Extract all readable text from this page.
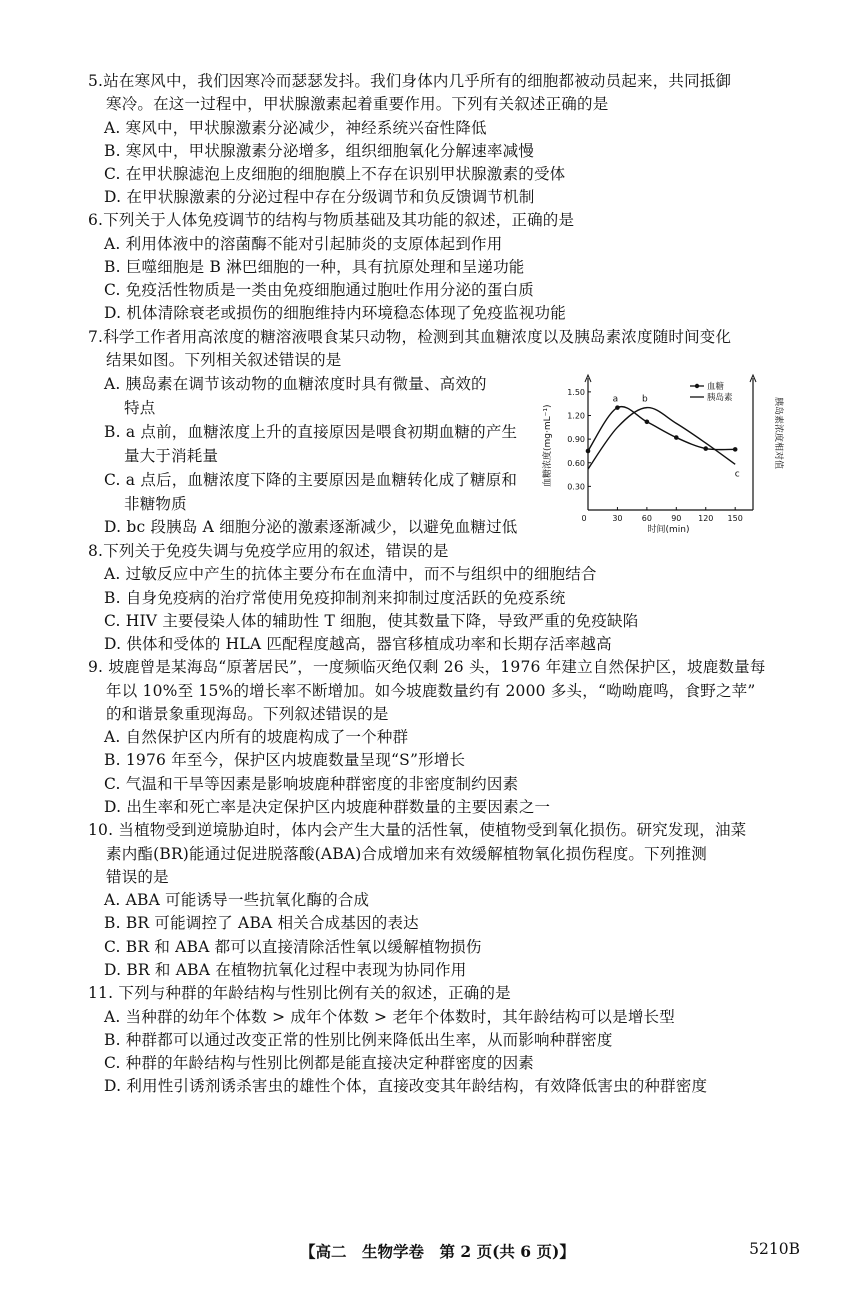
5.站在寒风中，我们因寒冷而瑟瑟发抖。我们身体内几乎所有的细胞都被动员起来，共同抵御
寒冷。在这一过程中，甲状腺激素起着重要作用。下列有关叙述正确的是
A. 寒风中，甲状腺激素分泌减少，神经系统兴奋性降低
B. 寒风中，甲状腺激素分泌增多，组织细胞氧化分解速率减慢
C. 在甲状腺滤泡上皮细胞的细胞膜上不存在识别甲状腺激素的受体
D. 在甲状腺激素的分泌过程中存在分级调节和负反馈调节机制
6.下列关于人体免疫调节的结构与物质基础及其功能的叙述，正确的是
A. 利用体液中的溶菌酶不能对引起肺炎的支原体起到作用
B. 巨噬细胞是 B 淋巴细胞的一种，具有抗原处理和呈递功能
C. 免疫活性物质是一类由免疫细胞通过胞吐作用分泌的蛋白质
D. 机体清除衰老或损伤的细胞维持内环境稳态体现了免疫监视功能
7.科学工作者用高浓度的糖溶液喂食某只动物，检测到其血糖浓度以及胰岛素浓度随时间变化
结果如图。下列相关叙述错误的是
A. 胰岛素在调节该动物的血糖浓度时具有微量、高效的
特点
B. a 点前，血糖浓度上升的直接原因是喂食初期血糖的产生
量大于消耗量
C. a 点后，血糖浓度下降的主要原因是血糖转化成了糖原和
非糖物质
D. bc 段胰岛 A 细胞分泌的激素逐渐减少，以避免血糖过低
0.30
0.60
0.90
1.20
1.50
0	30 60 90 120 150
时间(min)
血糖浓度(mg·mL⁻¹)	胰岛素浓度相对值
血糖
胰岛素
a	b
c
8.下列关于免疫失调与免疫学应用的叙述，错误的是
A. 过敏反应中产生的抗体主要分布在血清中，而不与组织中的细胞结合
B. 自身免疫病的治疗常使用免疫抑制剂来抑制过度活跃的免疫系统
C. HIV 主要侵染人体的辅助性 T 细胞，使其数量下降，导致严重的免疫缺陷
D. 供体和受体的 HLA 匹配程度越高，器官移植成功率和长期存活率越高
9. 坡鹿曾是某海岛“原著居民”，一度频临灭绝仅剩 26 头，1976 年建立自然保护区，坡鹿数量每
年以 10%至 15%的增长率不断增加。如今坡鹿数量约有 2000 多头，“呦呦鹿鸣，食野之苹”
的和谐景象重现海岛。下列叙述错误的是
A. 自然保护区内所有的坡鹿构成了一个种群
B. 1976 年至今，保护区内坡鹿数量呈现“S”形增长
C. 气温和干旱等因素是影响坡鹿种群密度的非密度制约因素
D. 出生率和死亡率是决定保护区内坡鹿种群数量的主要因素之一
10. 当植物受到逆境胁迫时，体内会产生大量的活性氧，使植物受到氧化损伤。研究发现，油菜
素内酯(BR)能通过促进脱落酸(ABA)合成增加来有效缓解植物氧化损伤程度。下列推测
错误的是
A. ABA 可能诱导一些抗氧化酶的合成
B. BR 可能调控了 ABA 相关合成基因的表达
C. BR 和 ABA 都可以直接清除活性氧以缓解植物损伤
D. BR 和 ABA 在植物抗氧化过程中表现为协同作用
11. 下列与种群的年龄结构与性别比例有关的叙述，正确的是
A. 当种群的幼年个体数 > 成年个体数 > 老年个体数时，其年龄结构可以是增长型
B. 种群都可以通过改变正常的性别比例来降低出生率，从而影响种群密度
C. 种群的年龄结构与性别比例都是能直接决定种群密度的因素
D. 利用性引诱剂诱杀害虫的雄性个体，直接改变其年龄结构，有效降低害虫的种群密度
【高二　生物学卷　第 2 页(共 6 页)】	5210B
